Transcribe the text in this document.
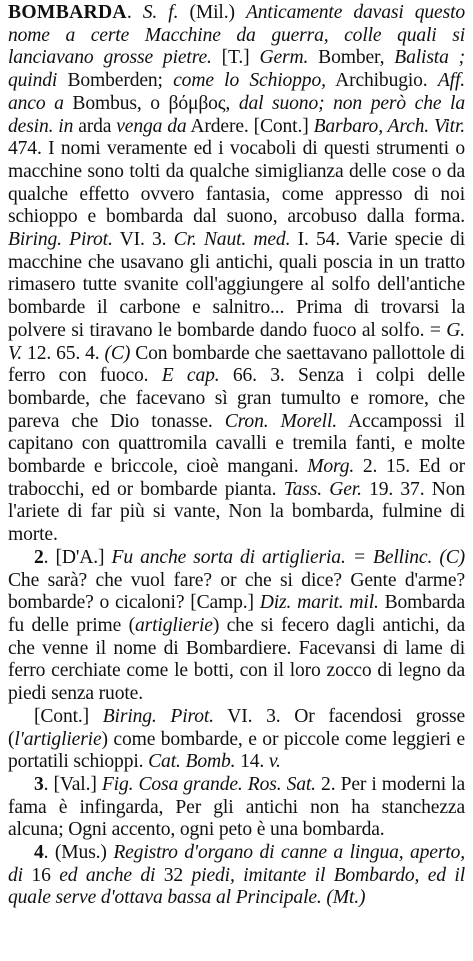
BOMBARDA. S. f. (Mil.) Anticamente davasi questo nome a certe Macchine da guerra, colle quali si lanciavano grosse pietre. [T.] Germ. Bomber, Balista ; quindi Bomberden; come lo Schioppo, Archibugio. Aff. anco a Bombus, o βόμβος, dal suono; non però che la desin. in arda venga da Ardere. [Cont.] Barbaro, Arch. Vitr. 474. I nomi veramente ed i vocaboli di questi strumenti o macchine sono tolti da qualche simiglianza delle cose o da qualche effetto ovvero fantasia, come appresso di noi schioppo e bombarda dal suono, arcobuso dalla forma. Biring. Pirot. VI. 3. Cr. Naut. med. I. 54. Varie specie di macchine che usavano gli antichi, quali poscia in un tratto rimasero tutte svanite coll'aggiungere al solfo dell'antiche bombarde il carbone e salnitro... Prima di trovarsi la polvere si tiravano le bombarde dando fuoco al solfo. = G. V. 12. 65. 4. (C) Con bombarde che saettavano pallottole di ferro con fuoco. E cap. 66. 3. Senza i colpi delle bombarde, che facevano sì gran tumulto e romore, che pareva che Dio tonasse. Cron. Morell. Accampossi il capitano con quattromila cavalli e tremila fanti, e molte bombarde e briccole, cioè mangani. Morg. 2. 15. Ed or trabocchi, ed or bombarde pianta. Tass. Ger. 19. 37. Non l'ariete di far più si vante, Non la bombarda, fulmine di morte.

2. [D'A.] Fu anche sorta di artiglieria. = Bellinc. (C) Che sarà? che vuol fare? or che si dice? Gente d'arme? bombarde? o cicaloni? [Camp.] Diz. marit. mil. Bombarda fu delle prime (artiglierie) che si fecero dagli antichi, da che venne il nome di Bombardiere. Facevansi di lame di ferro cerchiate come le botti, con il loro zocco di legno da piedi senza ruote.

[Cont.] Biring. Pirot. VI. 3. Or facendosi grosse (l'artiglierie) come bombarde, e or piccole come leggieri e portatili schioppi. Cat. Bomb. 14. v.

3. [Val.] Fig. Cosa grande. Ros. Sat. 2. Per i moderni la fama è infingarda, Per gli antichi non ha stanchezza alcuna; Ogni accento, ogni peto è una bombarda.

4. (Mus.) Registro d'organo di canne a lingua, aperto, di 16 ed anche di 32 piedi, imitante il Bombardo, ed il quale serve d'ottava bassa al Principale. (Mt.)
